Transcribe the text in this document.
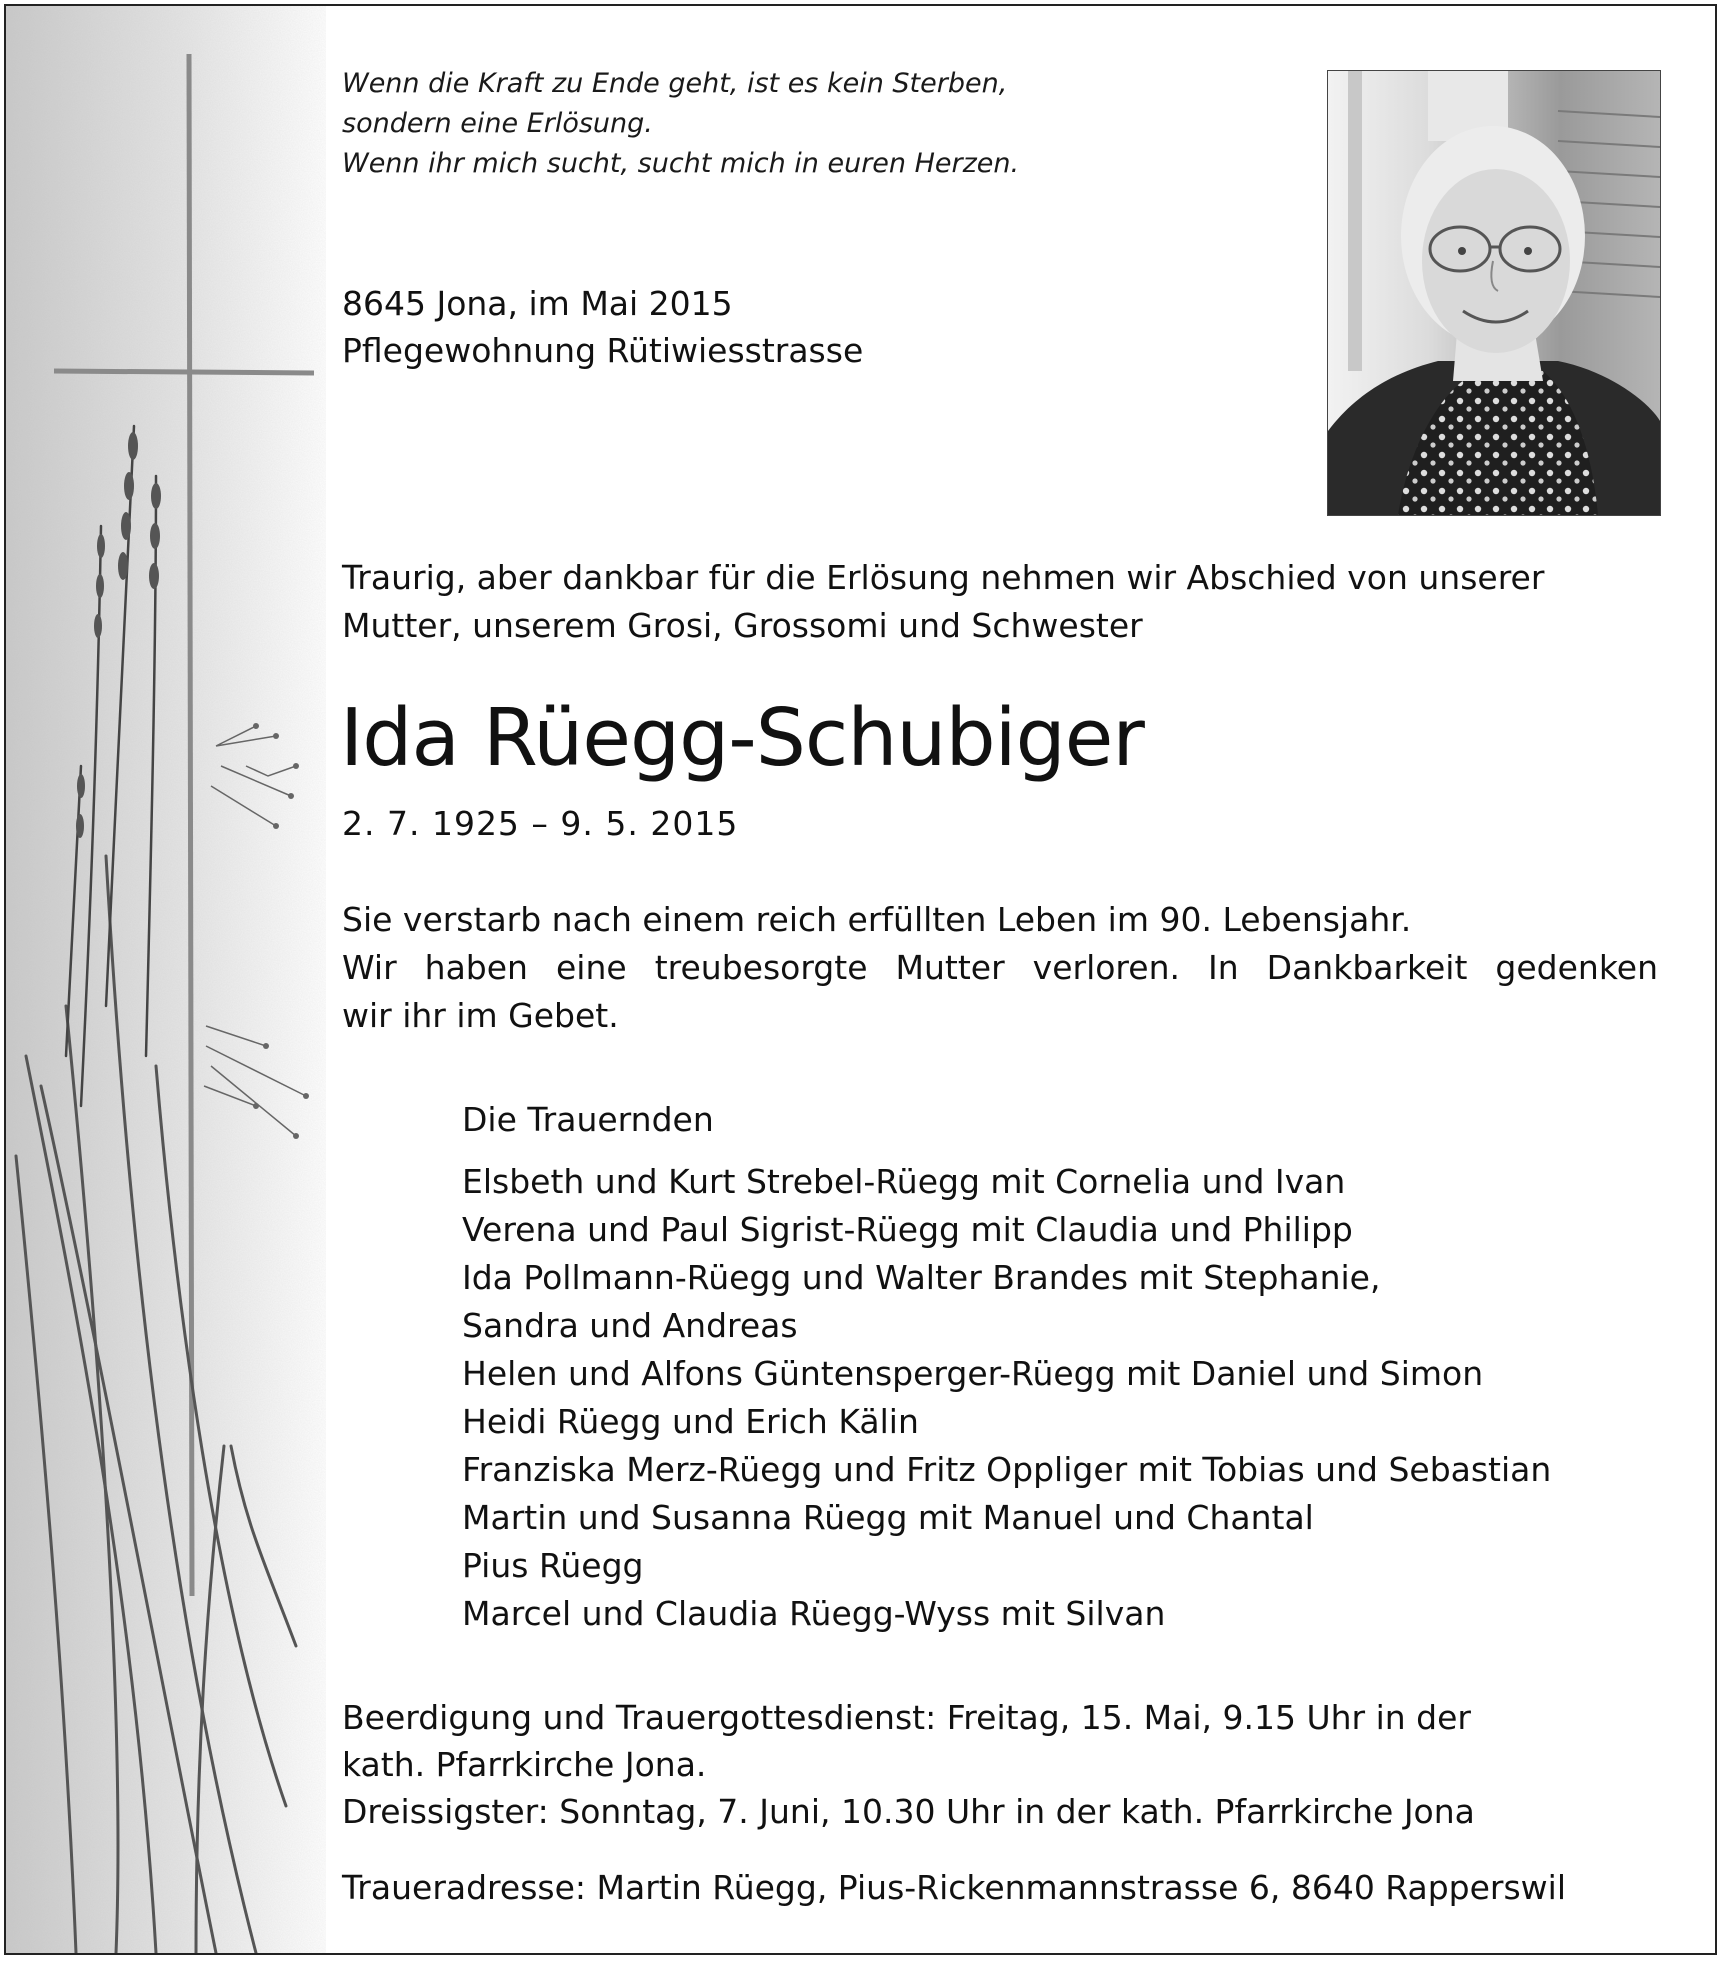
Wenn die Kraft zu Ende geht, ist es kein Sterben,
sondern eine Erlösung.
Wenn ihr mich sucht, sucht mich in euren Herzen.
8645 Jona, im Mai 2015
Pflegewohnung Rütiwiesstrasse
Traurig, aber dankbar für die Erlösung nehmen wir Abschied von unserer
Mutter, unserem Grosi, Grossomi und Schwester
Ida Rüegg-Schubiger
2. 7. 1925 – 9. 5. 2015
Sie verstarb nach einem reich erfüllten Leben im 90. Lebensjahr.
Wir haben eine treubesorgte Mutter verloren. In Dankbarkeit gedenken
wir ihr im Gebet.
Die Trauernden
Elsbeth und Kurt Strebel-Rüegg mit Cornelia und Ivan
Verena und Paul Sigrist-Rüegg mit Claudia und Philipp
Ida Pollmann-Rüegg und Walter Brandes mit Stephanie,
Sandra und Andreas
Helen und Alfons Güntensperger-Rüegg mit Daniel und Simon
Heidi Rüegg und Erich Kälin
Franziska Merz-Rüegg und Fritz Oppliger mit Tobias und Sebastian
Martin und Susanna Rüegg mit Manuel und Chantal
Pius Rüegg
Marcel und Claudia Rüegg-Wyss mit Silvan
Beerdigung und Trauergottesdienst: Freitag, 15. Mai, 9.15 Uhr in der
kath. Pfarrkirche Jona.
Dreissigster: Sonntag, 7. Juni, 10.30 Uhr in der kath. Pfarrkirche Jona
Traueradresse: Martin Rüegg, Pius-Rickenmannstrasse 6, 8640 Rapperswil
